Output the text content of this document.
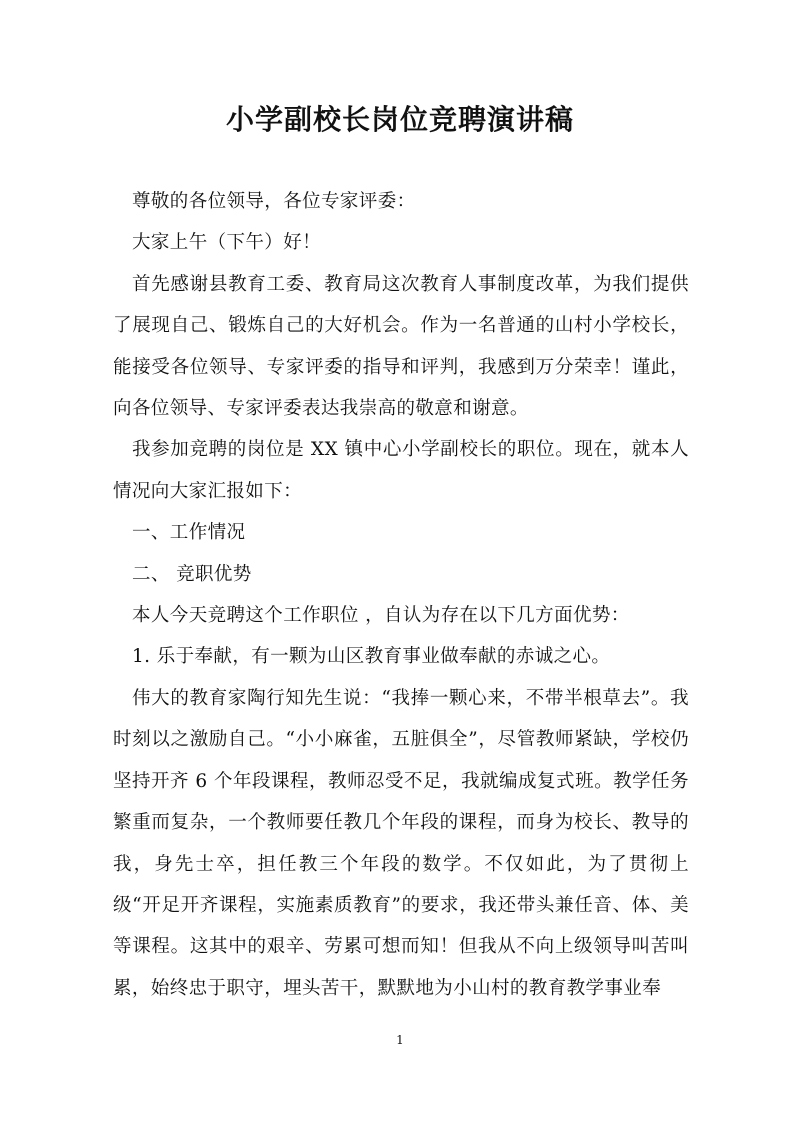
小学副校长岗位竞聘演讲稿

尊敬的各位领导，各位专家评委：

大家上午（下午）好！

首先感谢县教育工委、教育局这次教育人事制度改革，为我们提供了展现自己、锻炼自己的大好机会。作为一名普通的山村小学校长，能接受各位领导、专家评委的指导和评判，我感到万分荣幸！谨此，向各位领导、专家评委表达我崇高的敬意和谢意。

我参加竞聘的岗位是 XX 镇中心小学副校长的职位。现在，就本人情况向大家汇报如下：

一、工作情况

二、 竞职优势

本人今天竞聘这个工作职位 ，自认为存在以下几方面优势：

1. 乐于奉献，有一颗为山区教育事业做奉献的赤诚之心。

伟大的教育家陶行知先生说：“我捧一颗心来，不带半根草去”。我时刻以之激励自己。“小小麻雀，五脏俱全”，尽管教师紧缺，学校仍坚持开齐 6 个年段课程，教师忍受不足，我就编成复式班。教学任务繁重而复杂，一个教师要任教几个年段的课程，而身为校长、教导的我，身先士卒，担任教三个年段的数学。不仅如此，为了贯彻上级“开足开齐课程，实施素质教育”的要求，我还带头兼任音、体、美等课程。这其中的艰辛、劳累可想而知！但我从不向上级领导叫苦叫累，始终忠于职守，埋头苦干，默默地为小山村的教育教学事业奉

1
